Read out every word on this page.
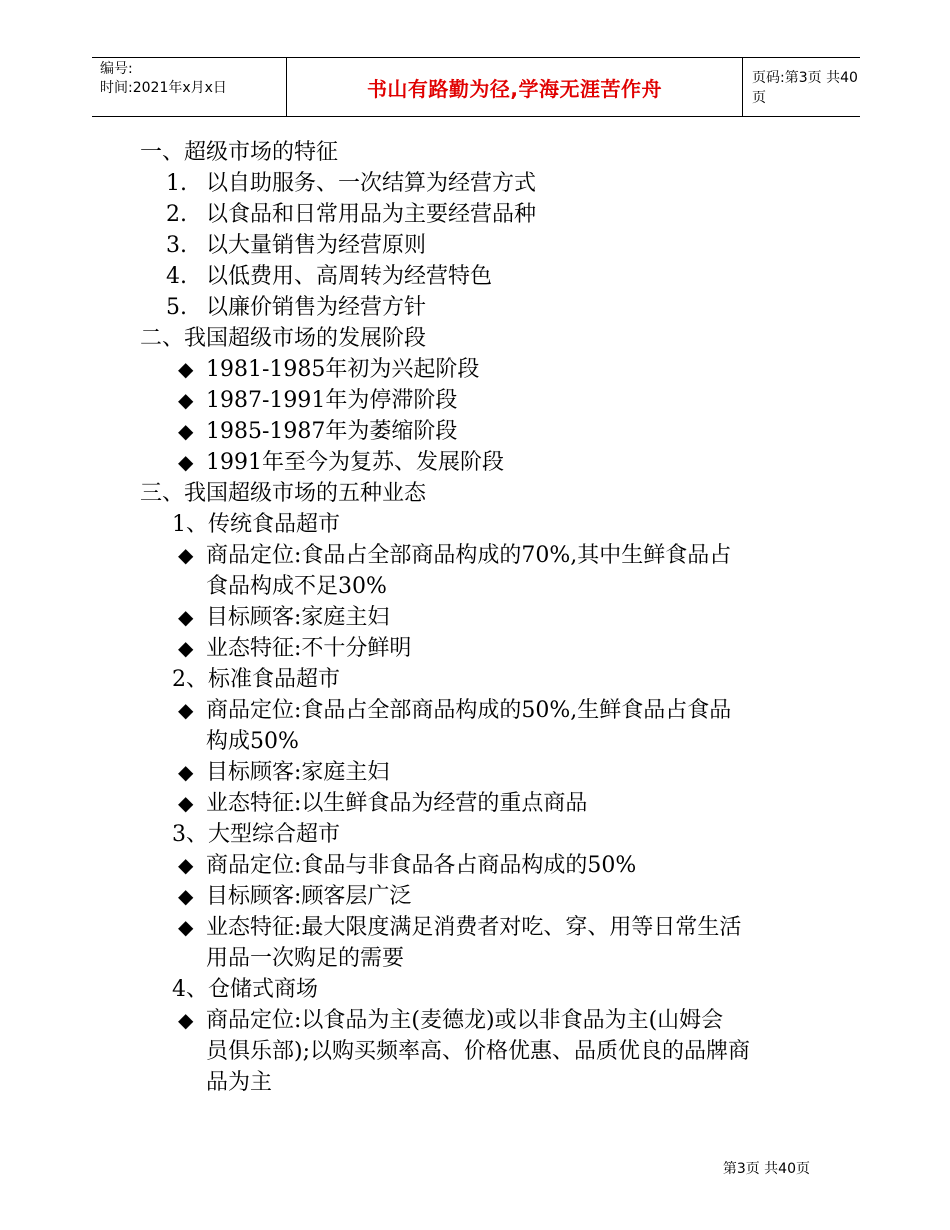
编号:
时间:2021年x月x日	书山有路勤为径,学海无涯苦作舟	页码:第3页 共40页
一、超级市场的特征
1. 以自助服务、一次结算为经营方式
2. 以食品和日常用品为主要经营品种
3. 以大量销售为经营原则
4. 以低费用、高周转为经营特色
5. 以廉价销售为经营方针
二、我国超级市场的发展阶段
◆ 1981-1985年初为兴起阶段
◆ 1987-1991年为停滞阶段
◆ 1985-1987年为萎缩阶段
◆ 1991年至今为复苏、发展阶段
三、我国超级市场的五种业态
1、传统食品超市
◆ 商品定位:食品占全部商品构成的70%,其中生鲜食品占
食品构成不足30%
◆ 目标顾客:家庭主妇
◆ 业态特征:不十分鲜明
2、标准食品超市
◆ 商品定位:食品占全部商品构成的50%,生鲜食品占食品
构成50%
◆ 目标顾客:家庭主妇
◆ 业态特征:以生鲜食品为经营的重点商品
3、大型综合超市
◆ 商品定位:食品与非食品各占商品构成的50%
◆ 目标顾客:顾客层广泛
◆ 业态特征:最大限度满足消费者对吃、穿、用等日常生活
用品一次购足的需要
4、仓储式商场
◆ 商品定位:以食品为主(麦德龙)或以非食品为主(山姆会
员俱乐部);以购买频率高、价格优惠、品质优良的品牌商
品为主
第3页 共40页
